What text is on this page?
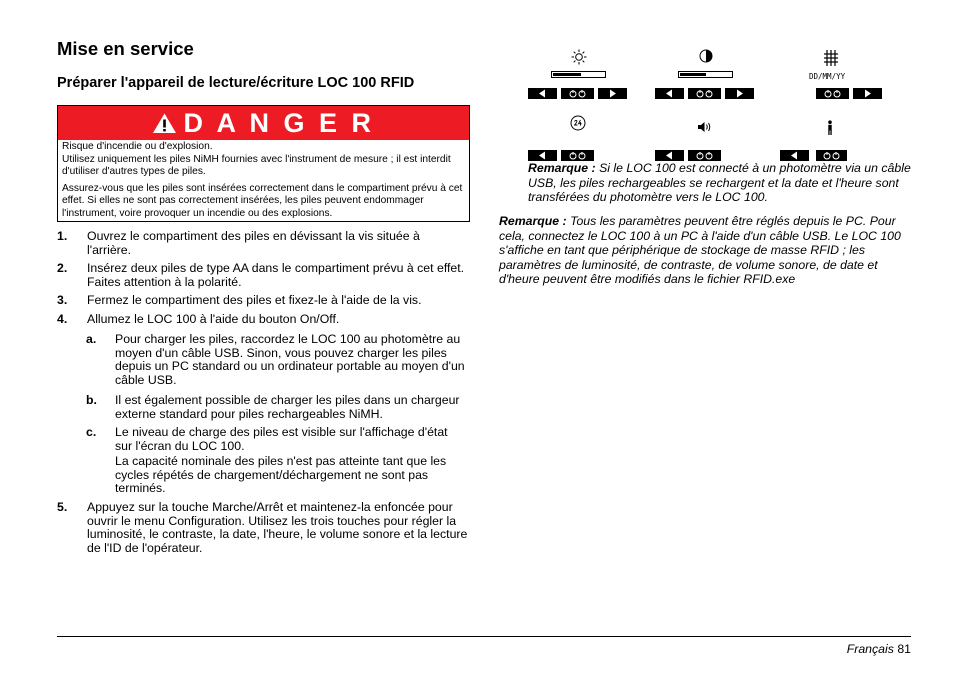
Mise en service
Préparer l'appareil de lecture/écriture LOC 100 RFID
D A N G E R

Risque d'incendie ou d'explosion.

Utilisez uniquement les piles NiMH fournies avec l'instrument de mesure ; il est interdit d'utiliser d'autres types de piles.

Assurez-vous que les piles sont insérées correctement dans le compartiment prévu à cet effet. Si elles ne sont pas correctement insérées, les piles peuvent endommager l'instrument, voire provoquer un incendie ou des explosions.

1. Ouvrez le compartiment des piles en dévissant la vis située à l'arrière.
2. Insérez deux piles de type AA dans le compartiment prévu à cet effet. Faites attention à la polarité.
3. Fermez le compartiment des piles et fixez-le à l'aide de la vis.
4. Allumez le LOC 100 à l'aide du bouton On/Off.
a. Pour charger les piles, raccordez le LOC 100 au photomètre au moyen d'un câble USB. Sinon, vous pouvez charger les piles depuis un PC standard ou un ordinateur portable au moyen d'un câble USB.
b. Il est également possible de charger les piles dans un chargeur externe standard pour piles rechargeables NiMH.
c. Le niveau de charge des piles est visible sur l'affichage d'état sur l'écran du LOC 100.
La capacité nominale des piles n'est pas atteinte tant que les cycles répétés de chargement/déchargement ne sont pas terminés.
5. Appuyez sur la touche Marche/Arrêt et maintenez-la enfoncée pour ouvrir le menu Configuration. Utilisez les trois touches pour régler la luminosité, le contraste, la date, l'heure, le volume sonore et la lecture de l'ID de l'opérateur.
DD/MM/YY
Remarque : Si le LOC 100 est connecté à un photomètre via un câble USB, les piles rechargeables se rechargent et la date et l'heure sont transférées du photomètre vers le LOC 100.
Remarque : Tous les paramètres peuvent être réglés depuis le PC. Pour cela, connectez le LOC 100 à un PC à l'aide d'un câble USB. Le LOC 100 s'affiche en tant que périphérique de stockage de masse RFID ; les paramètres de luminosité, de contraste, de volume sonore, de date et d'heure peuvent être modifiés dans le fichier RFID.exe
Français 81
